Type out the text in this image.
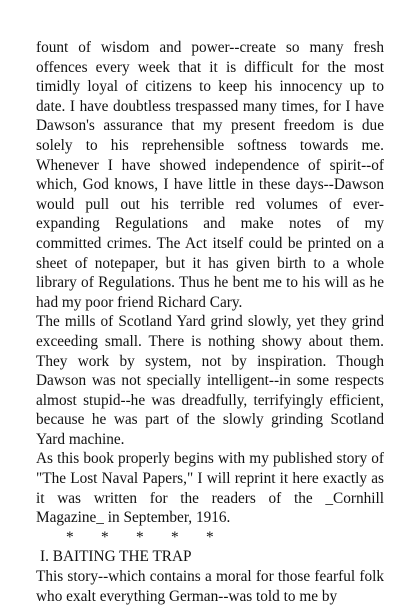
fount of wisdom and power--create so many fresh offences every week that it is difficult for the most timidly loyal of citizens to keep his innocency up to date. I have doubtless trespassed many times, for I have Dawson's assurance that my present freedom is due solely to his reprehensible softness towards me. Whenever I have showed independence of spirit--of which, God knows, I have little in these days--Dawson would pull out his terrible red volumes of ever-expanding Regulations and make notes of my committed crimes. The Act itself could be printed on a sheet of notepaper, but it has given birth to a whole library of Regulations. Thus he bent me to his will as he had my poor friend Richard Cary.

The mills of Scotland Yard grind slowly, yet they grind exceeding small. There is nothing showy about them. They work by system, not by inspiration. Though Dawson was not specially intelligent--in some respects almost stupid--he was dreadfully, terrifyingly efficient, because he was part of the slowly grinding Scotland Yard machine.

As this book properly begins with my published story of "The Lost Naval Papers," I will reprint it here exactly as it was written for the readers of the _Cornhill Magazine_ in September, 1916.

* * * * *

I. BAITING THE TRAP

This story--which contains a moral for those fearful folk who exalt everything German--was told to me by
